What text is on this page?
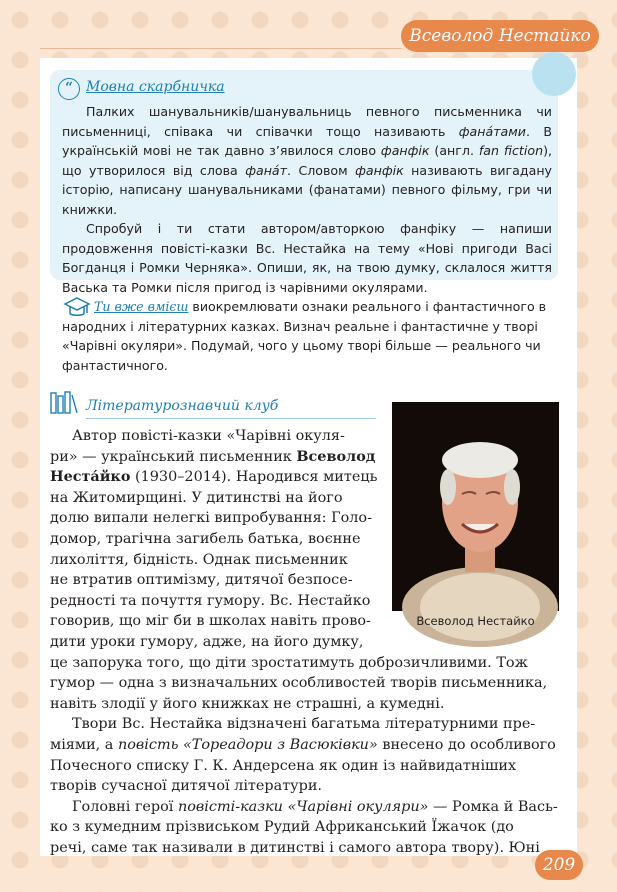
Всеволод Нестайко
“ Мовна скарбничка

Палких шанувальників/шанувальниць певного письменника чи письменниці, співака чи співачки тощо називають фанáтами. В українській мові не так давно з’явилося слово фанфік (англ. fan fiction), що утворилося від слова фанáт. Словом фанфік називають вигадану історію, написану шанувальниками (фанатами) певного фільму, гри чи книжки.

Спробуй і ти стати автором/авторкою фанфіку — напиши продовження повісті-казки Вс. Нестайка на тему «Нові пригоди Васі Богданця і Ромки Черняка». Опиши, як, на твою думку, склалося життя Васька та Ромки після пригод із чарівними окулярами.

Ти вже вмієш виокремлювати ознаки реального і фантастичного в
народних і літературних казках. Визнач реальне і фантастичне у творі
«Чарівні окуляри». Подумай, чого у цьому творі більше — реального чи
фантастичного.
Літературознавчий клуб
Всеволод Нестайко
Автор повісті-казки «Чарівні окуля-
ри» — український письменник Всеволод
Неста́йко (1930–2014). Народився митець
на Житомирщині. У дитинстві на його
долю випали нелегкі випробування: Голо-
домор, трагічна загибель батька, воєнне
лихоліття, бідність. Однак письменник
не втратив оптимізму, дитячої безпосе-
редності та почуття гумору. Вс. Нестайко
говорив, що міг би в школах навіть прово-
дити уроки гумору, адже, на його думку,
це запорука того, що діти зростатимуть доброзичливими. Тож
гумор — одна з визначальних особливостей творів письменника,
навіть злодії у його книжках не страшні, а кумедні.
Твори Вс. Нестайка відзначені багатьма літературними пре-
міями, а повість «Тореадори з Васюківки» внесено до особливого
Почесного списку Г. К. Андерсена як один із найвидатніших
творів сучасної дитячої літератури.
Головні герої повісті-казки «Чарівні окуляри» — Ромка й Вась-
ко з кумедним прізвиськом Рудий Африканський Їжачок (до
речі, саме так називали в дитинстві і самого автора твору). Юні
209
